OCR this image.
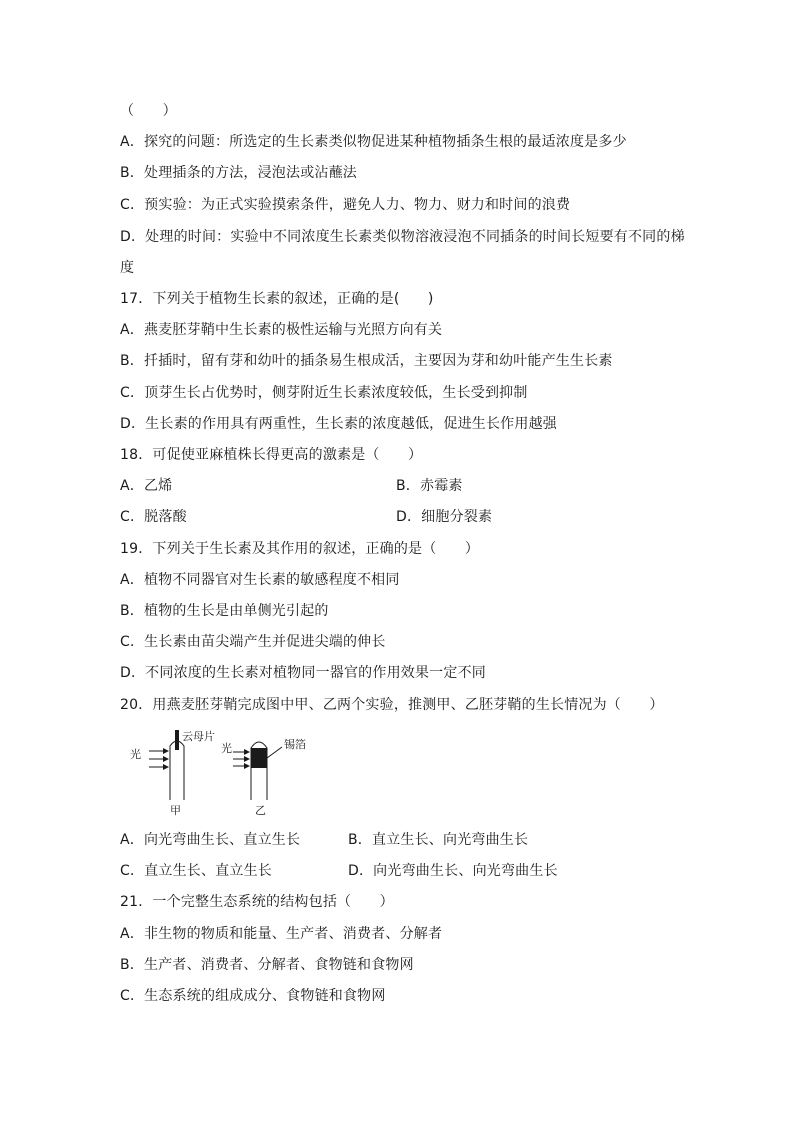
（　　）
A．探究的问题：所选定的生长素类似物促进某种植物插条生根的最适浓度是多少
B．处理插条的方法，浸泡法或沾蘸法
C．预实验：为正式实验摸索条件，避免人力、物力、财力和时间的浪费
D．处理的时间：实验中不同浓度生长素类似物溶液浸泡不同插条的时间长短要有不同的梯
度
17．下列关于植物生长素的叙述，正确的是(　　)
A．燕麦胚芽鞘中生长素的极性运输与光照方向有关
B．扦插时，留有芽和幼叶的插条易生根成活，主要因为芽和幼叶能产生生长素
C．顶芽生长占优势时，侧芽附近生长素浓度较低，生长受到抑制
D．生长素的作用具有两重性，生长素的浓度越低，促进生长作用越强
18．可促使亚麻植株长得更高的激素是（　　）
A．乙烯	B．赤霉素
C．脱落酸	D．细胞分裂素
19．下列关于生长素及其作用的叙述，正确的是（　　）
A．植物不同器官对生长素的敏感程度不相同
B．植物的生长是由单侧光引起的
C．生长素由苗尖端产生并促进尖端的伸长
D．不同浓度的生长素对植物同一器官的作用效果一定不同
20．用燕麦胚芽鞘完成图中甲、乙两个实验，推测甲、乙胚芽鞘的生长情况为（　　）
光
云母片
甲
光	锡箔
乙
A．向光弯曲生长、直立生长	B．直立生长、向光弯曲生长
C．直立生长、直立生长	D．向光弯曲生长、向光弯曲生长
21．一个完整生态系统的结构包括（　　）
A．非生物的物质和能量、生产者、消费者、分解者
B．生产者、消费者、分解者、食物链和食物网
C．生态系统的组成成分、食物链和食物网
